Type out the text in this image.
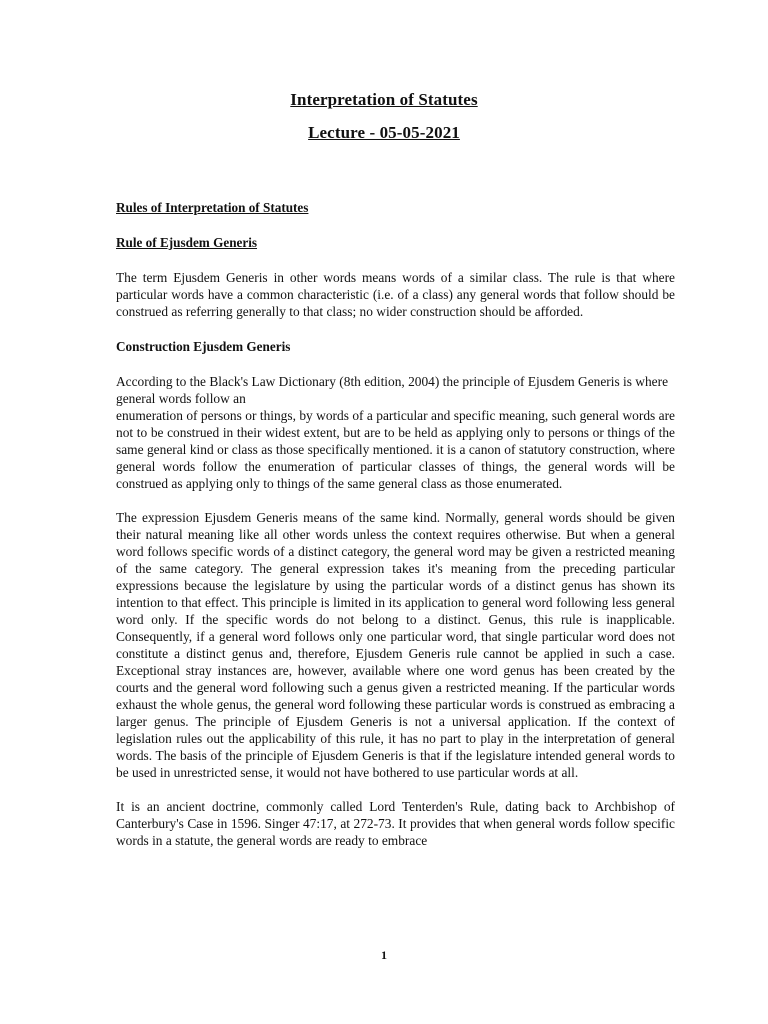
Interpretation of Statutes
Lecture - 05-05-2021

Rules of Interpretation of Statutes

Rule of Ejusdem Generis

The term Ejusdem Generis in other words means words of a similar class. The rule is that where particular words have a common characteristic (i.e. of a class) any general words that follow should be construed as referring generally to that class; no wider construction should be afforded.

Construction Ejusdem Generis

According to the Black's Law Dictionary (8th edition, 2004) the principle of Ejusdem Generis is where general words follow an

enumeration of persons or things, by words of a particular and specific meaning, such general words are not to be construed in their widest extent, but are to be held as applying only to persons or things of the same general kind or class as those specifically mentioned. it is a canon of statutory construction, where general words follow the enumeration of particular classes of things, the general words will be construed as applying only to things of the same general class as those enumerated.

The expression Ejusdem Generis means of the same kind. Normally, general words should be given their natural meaning like all other words unless the context requires otherwise. But when a general word follows specific words of a distinct category, the general word may be given a restricted meaning of the same category. The general expression takes it's meaning from the preceding particular expressions because the legislature by using the particular words of a distinct genus has shown its intention to that effect. This principle is limited in its application to general word following less general word only. If the specific words do not belong to a distinct. Genus, this rule is inapplicable. Consequently, if a general word follows only one particular word, that single particular word does not constitute a distinct genus and, therefore, Ejusdem Generis rule cannot be applied in such a case. Exceptional stray instances are, however, available where one word genus has been created by the courts and the general word following such a genus given a restricted meaning. If the particular words exhaust the whole genus, the general word following these particular words is construed as embracing a larger genus. The principle of Ejusdem Generis is not a universal application. If the context of legislation rules out the applicability of this rule, it has no part to play in the interpretation of general words. The basis of the principle of Ejusdem Generis is that if the legislature intended general words to be used in unrestricted sense, it would not have bothered to use particular words at all.

It is an ancient doctrine, commonly called Lord Tenterden's Rule, dating back to Archbishop of Canterbury's Case in 1596. Singer 47:17, at 272-73. It provides that when general words follow specific words in a statute, the general words are ready to embrace

1
